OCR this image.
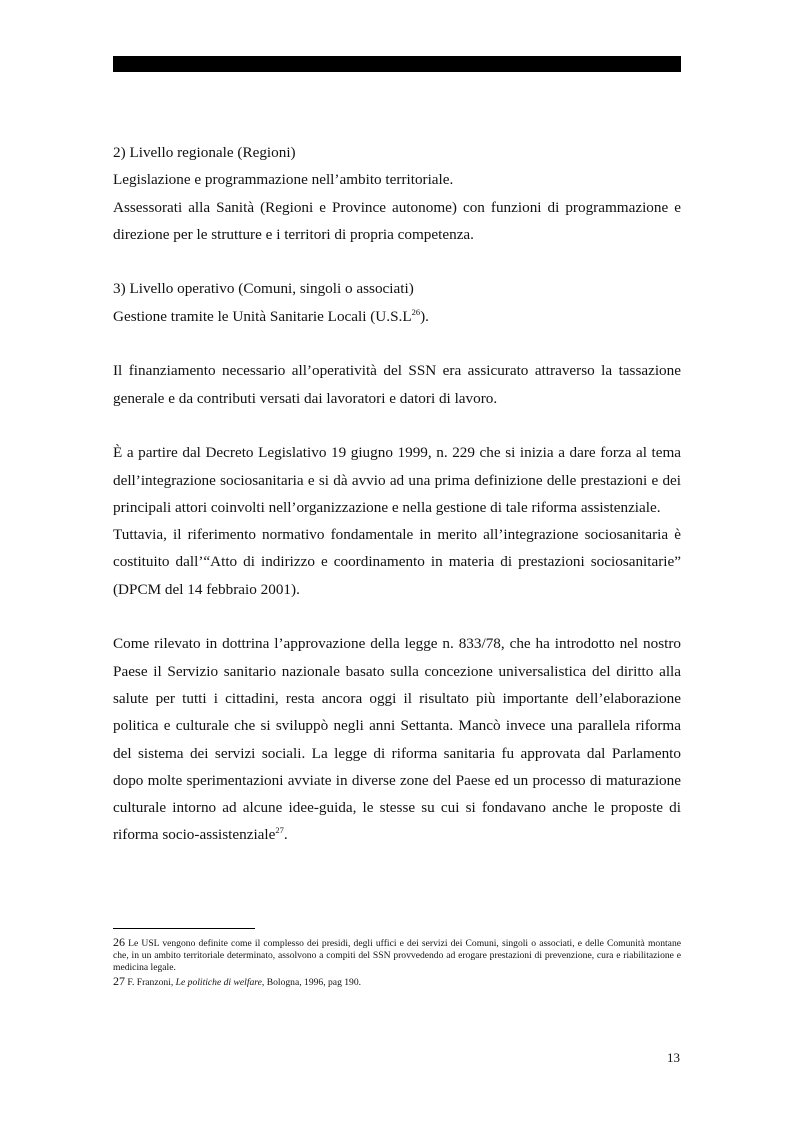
2) Livello regionale (Regioni)

Legislazione e programmazione nell’ambito territoriale.

Assessorati alla Sanità (Regioni e Province autonome) con funzioni di programmazione e direzione per le strutture e i territori di propria competenza.

3) Livello operativo (Comuni, singoli o associati)

Gestione tramite le Unità Sanitarie Locali $(U.S.L^{26})$.

Il finanziamento necessario all’operatività del SSN era assicurato attraverso la tassazione generale e da contributi versati dai lavoratori e datori di lavoro.

È a partire dal Decreto Legislativo 19 giugno 1999, n. 229 che si inizia a dare forza al tema dell’integrazione sociosanitaria e si dà avvio ad una prima definizione delle prestazioni e dei principali attori coinvolti nell’organizzazione e nella gestione di tale riforma assistenziale.

Tuttavia, il riferimento normativo fondamentale in merito all’integrazione sociosanitaria è costituito dall’“Atto di indirizzo e coordinamento in materia di prestazioni sociosanitarie” (DPCM del 14 febbraio 2001).

Come rilevato in dottrina l’approvazione della legge n. 833/78, che ha introdotto nel nostro Paese il Servizio sanitario nazionale basato sulla concezione universalistica del diritto alla salute per tutti i cittadini, resta ancora oggi il risultato più importante dell’elaborazione politica e culturale che si sviluppò negli anni Settanta. Mancò invece una parallela riforma del sistema dei servizi sociali. La legge di riforma sanitaria fu approvata dal Parlamento dopo molte sperimentazioni avviate in diverse zone del Paese ed un processo di maturazione culturale intorno ad alcune idee-guida, le stesse su cui si fondavano anche le proposte di riforma socio-assistenziale$^{27}$.

26 Le USL vengono definite come il complesso dei presidi, degli uffici e dei servizi dei Comuni, singoli o associati, e delle Comunità montane che, in un ambito territoriale determinato, assolvono a compiti del SSN provvedendo ad erogare prestazioni di prevenzione, cura e riabilitazione e medicina legale.

27 F. Franzoni, Le politiche di welfare, Bologna, 1996, pag 190.

13
